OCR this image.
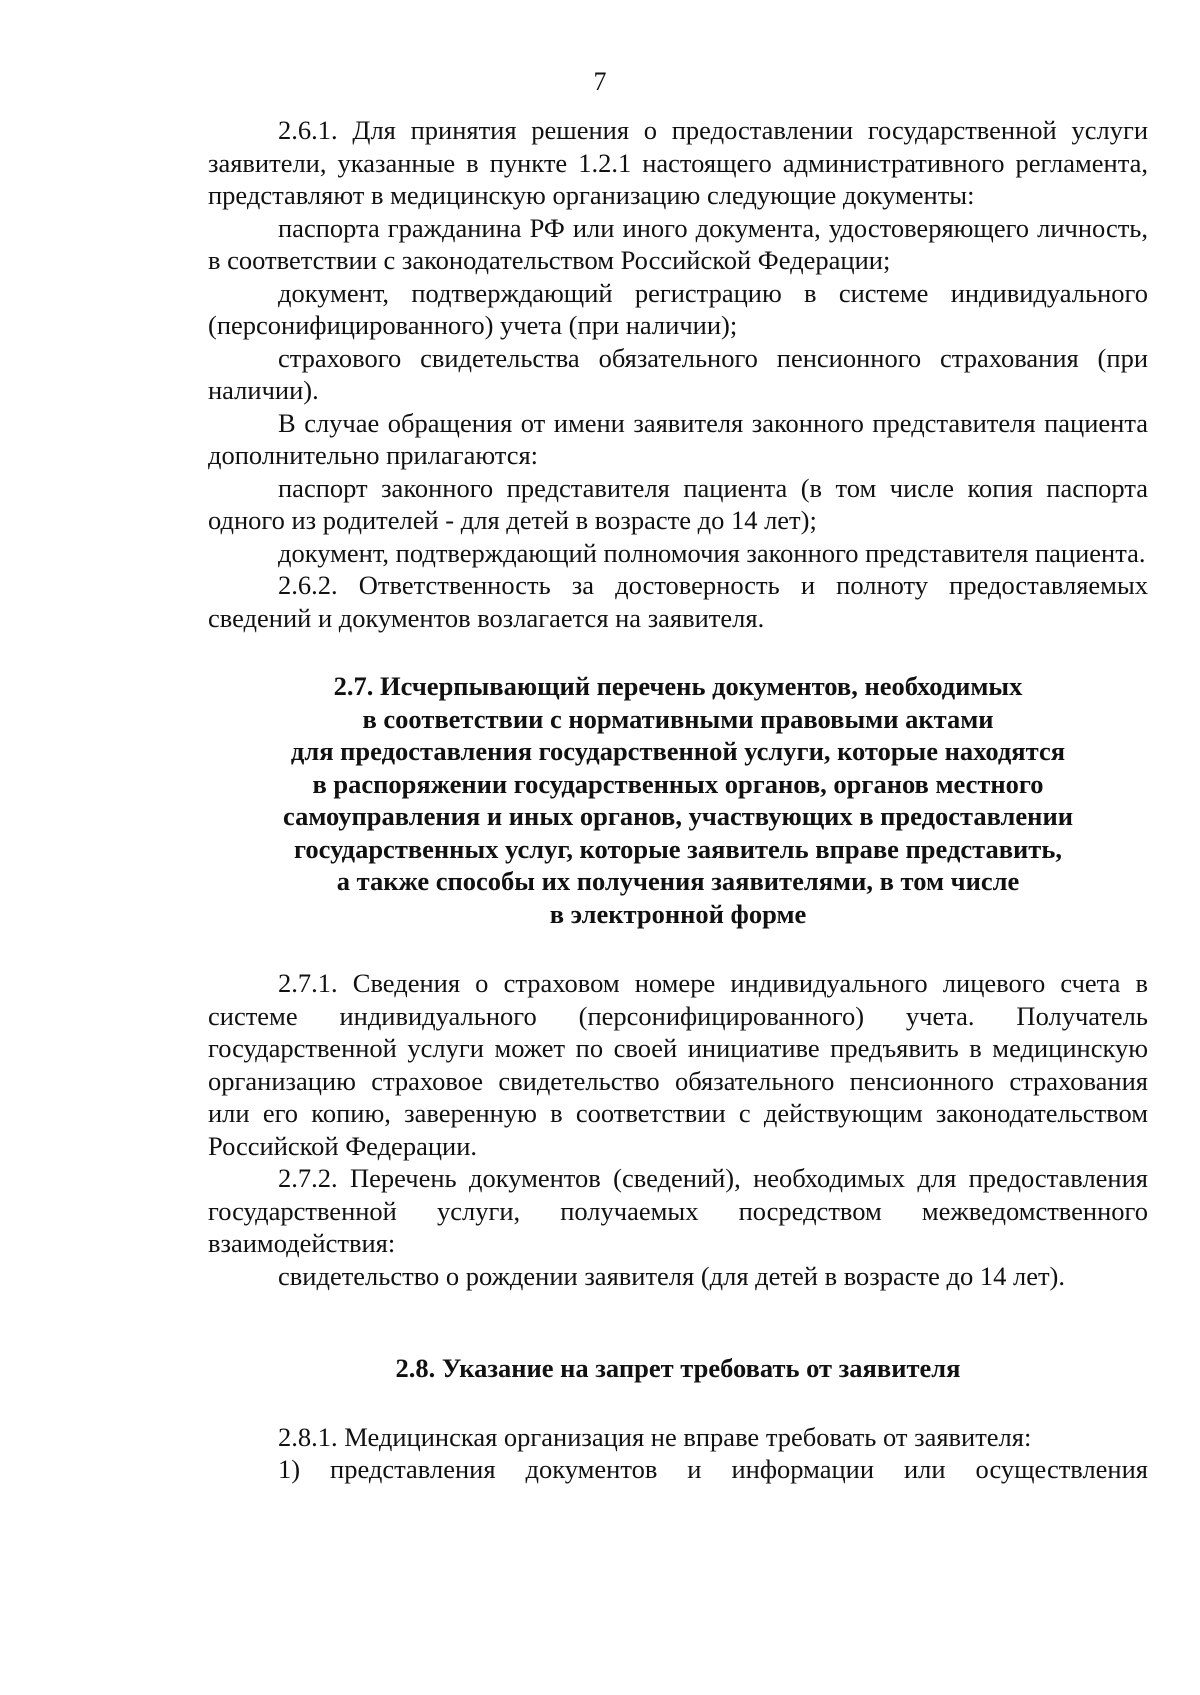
7

2.6.1. Для принятия решения о предоставлении государственной услуги заявители, указанные в пункте 1.2.1 настоящего административного регламента, представляют в медицинскую организацию следующие документы:

паспорта гражданина РФ или иного документа, удостоверяющего личность, в соответствии с законодательством Российской Федерации;

документ, подтверждающий регистрацию в системе индивидуального (персонифицированного) учета (при наличии);

страхового свидетельства обязательного пенсионного страхования (при наличии).

В случае обращения от имени заявителя законного представителя пациента дополнительно прилагаются:

паспорт законного представителя пациента (в том числе копия паспорта одного из родителей - для детей в возрасте до 14 лет);

документ, подтверждающий полномочия законного представителя пациента.

2.6.2. Ответственность за достоверность и полноту предоставляемых сведений и документов возлагается на заявителя.

2.7. Исчерпывающий перечень документов, необходимых
в соответствии с нормативными правовыми актами
для предоставления государственной услуги, которые находятся
в распоряжении государственных органов, органов местного
самоуправления и иных органов, участвующих в предоставлении
государственных услуг, которые заявитель вправе представить,
а также способы их получения заявителями, в том числе
в электронной форме

2.7.1. Сведения о страховом номере индивидуального лицевого счета в системе индивидуального (персонифицированного) учета. Получатель государственной услуги может по своей инициативе предъявить в медицинскую организацию страховое свидетельство обязательного пенсионного страхования или его копию, заверенную в соответствии с действующим законодательством Российской Федерации.

2.7.2. Перечень документов (сведений), необходимых для предоставления государственной услуги, получаемых посредством межведомственного взаимодействия:

свидетельство о рождении заявителя (для детей в возрасте до 14 лет).

2.8. Указание на запрет требовать от заявителя

2.8.1. Медицинская организация не вправе требовать от заявителя:

1) представления документов и информации или осуществления
